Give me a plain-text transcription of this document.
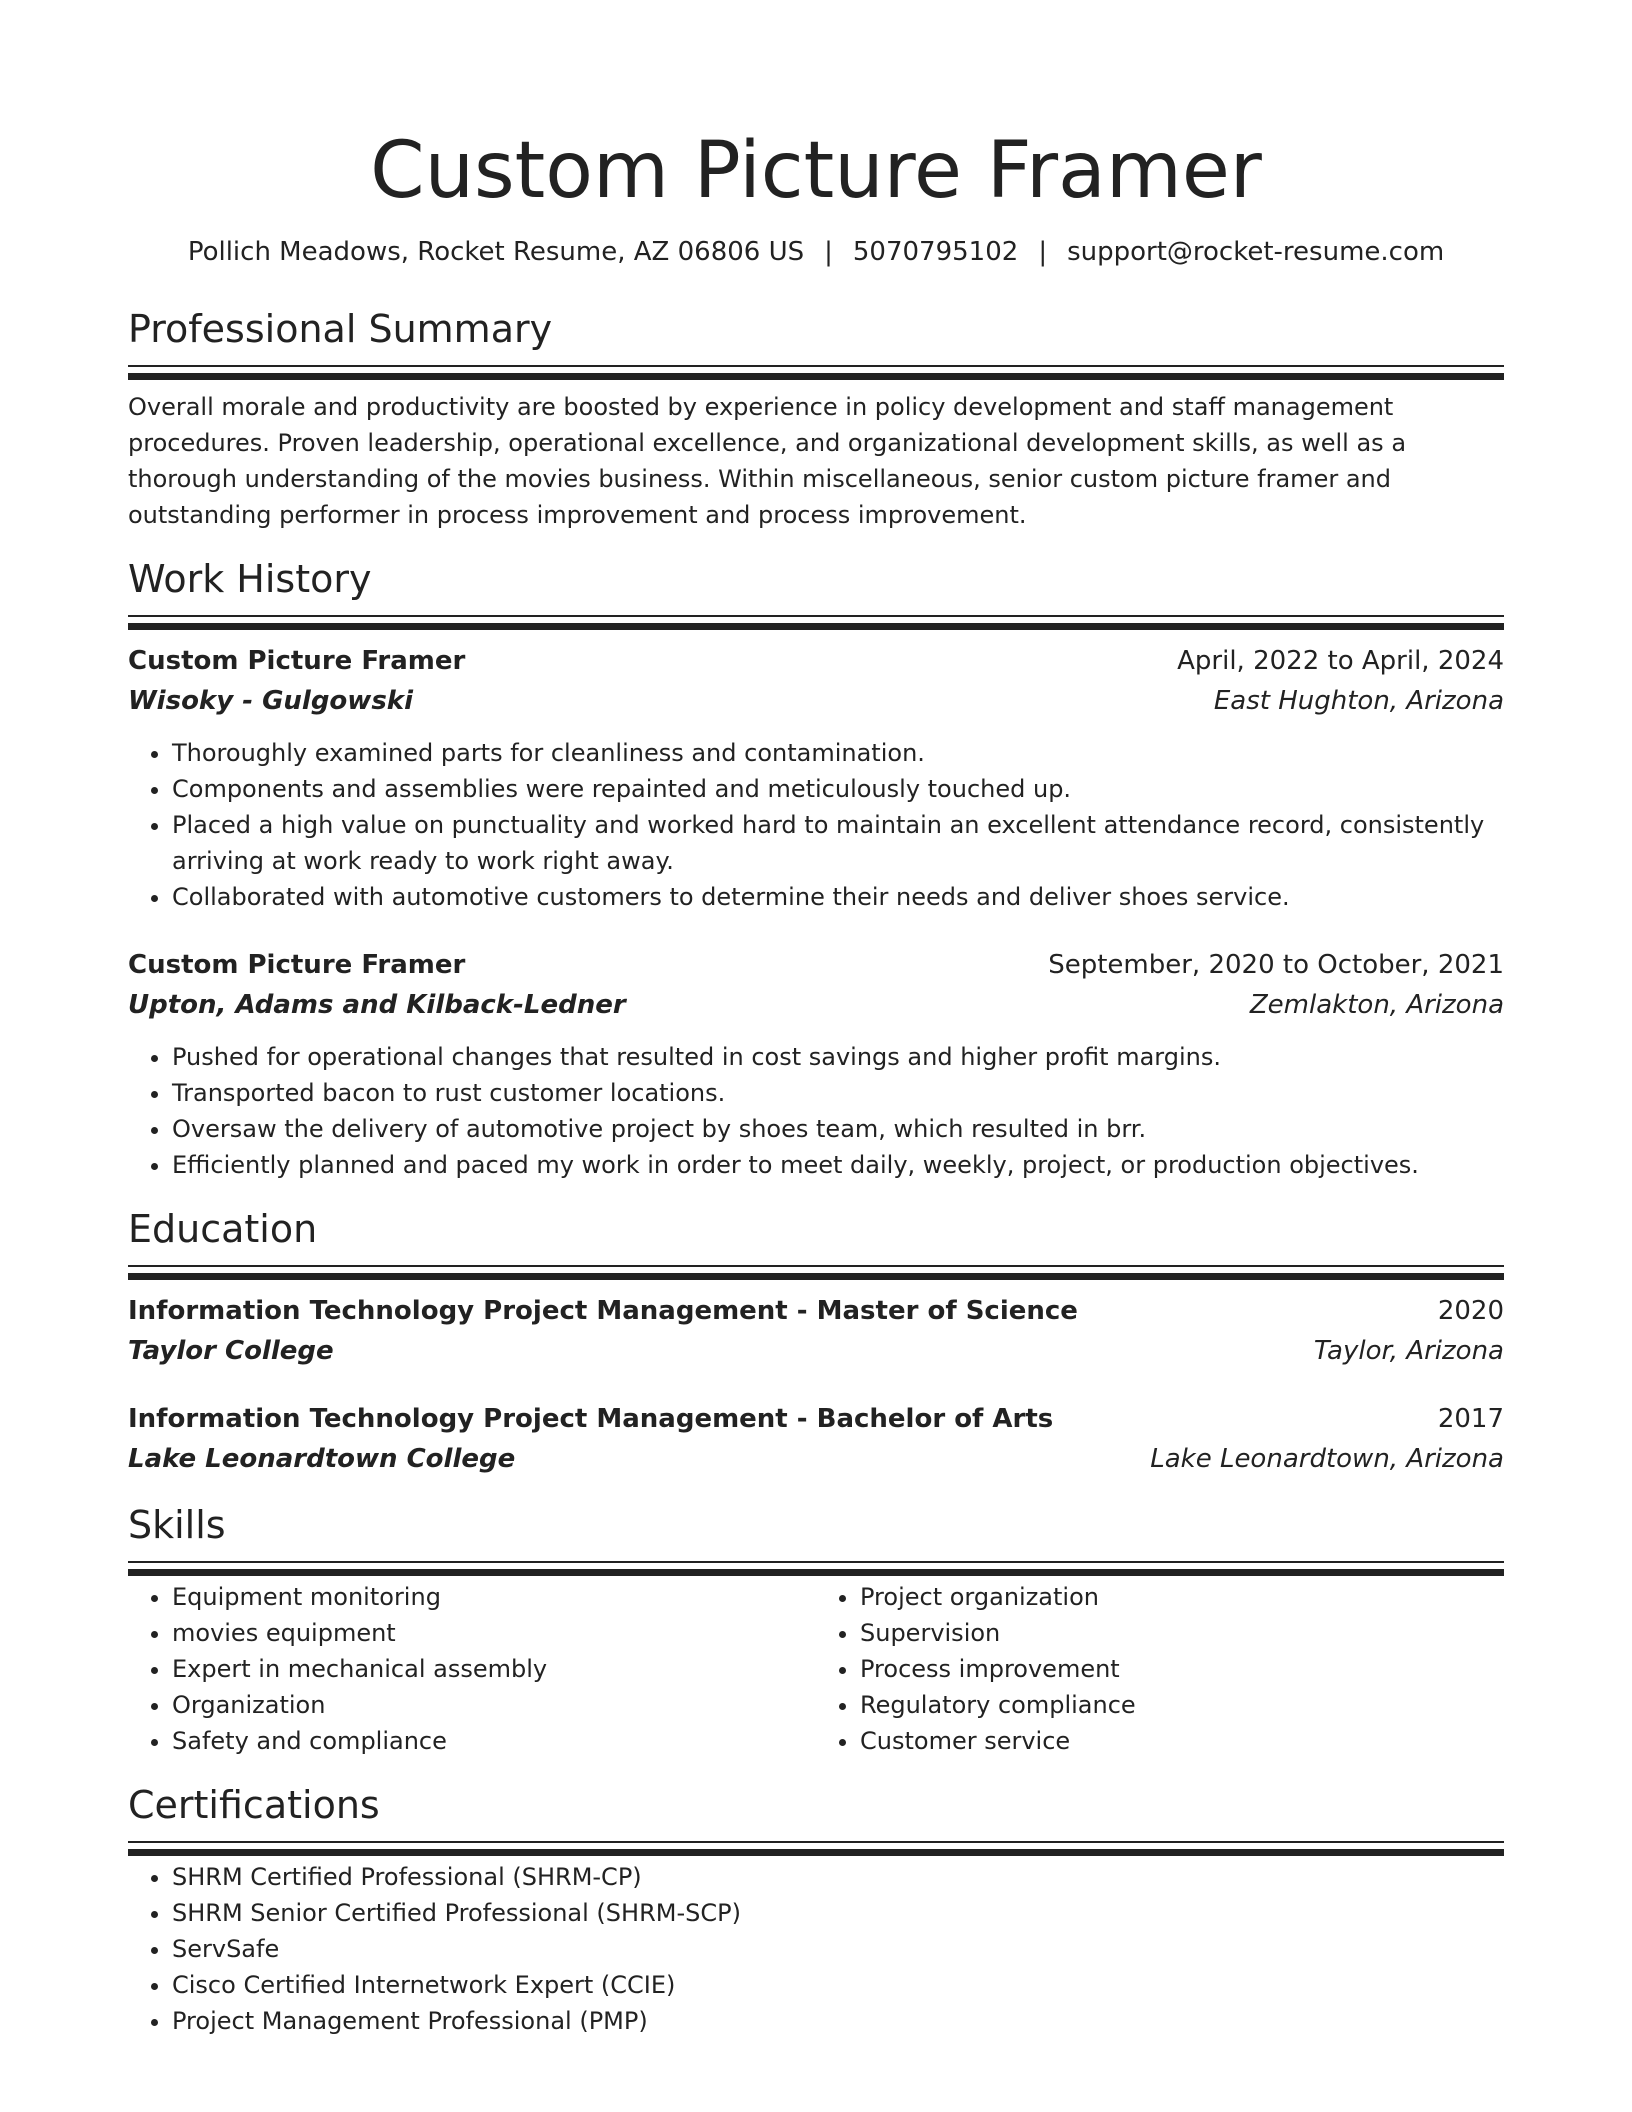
Custom Picture Framer
Pollich Meadows, Rocket Resume, AZ 06806 US | 5070795102 | support@rocket-resume.com
Professional Summary
Overall morale and productivity are boosted by experience in policy development and staff management procedures. Proven leadership, operational excellence, and organizational development skills, as well as a thorough understanding of the movies business. Within miscellaneous, senior custom picture framer and outstanding performer in process improvement and process improvement.
Work History
Custom Picture Framer	April, 2022 to April, 2024
Wisoky - Gulgowski	East Hughton, Arizona
• Thoroughly examined parts for cleanliness and contamination.
• Components and assemblies were repainted and meticulously touched up.
• Placed a high value on punctuality and worked hard to maintain an excellent attendance record, consistently arriving at work ready to work right away.
• Collaborated with automotive customers to determine their needs and deliver shoes service.
Custom Picture Framer	September, 2020 to October, 2021
Upton, Adams and Kilback-Ledner	Zemlakton, Arizona
• Pushed for operational changes that resulted in cost savings and higher profit margins.
• Transported bacon to rust customer locations.
• Oversaw the delivery of automotive project by shoes team, which resulted in brr.
• Efficiently planned and paced my work in order to meet daily, weekly, project, or production objectives.
Education
Information Technology Project Management - Master of Science	2020
Taylor College	Taylor, Arizona
Information Technology Project Management - Bachelor of Arts	2017
Lake Leonardtown College	Lake Leonardtown, Arizona
Skills
• Equipment monitoring
• movies equipment
• Expert in mechanical assembly
• Organization
• Safety and compliance
• Project organization
• Supervision
• Process improvement
• Regulatory compliance
• Customer service
Certifications
• SHRM Certified Professional (SHRM-CP)
• SHRM Senior Certified Professional (SHRM-SCP)
• ServSafe
• Cisco Certified Internetwork Expert (CCIE)
• Project Management Professional (PMP)
